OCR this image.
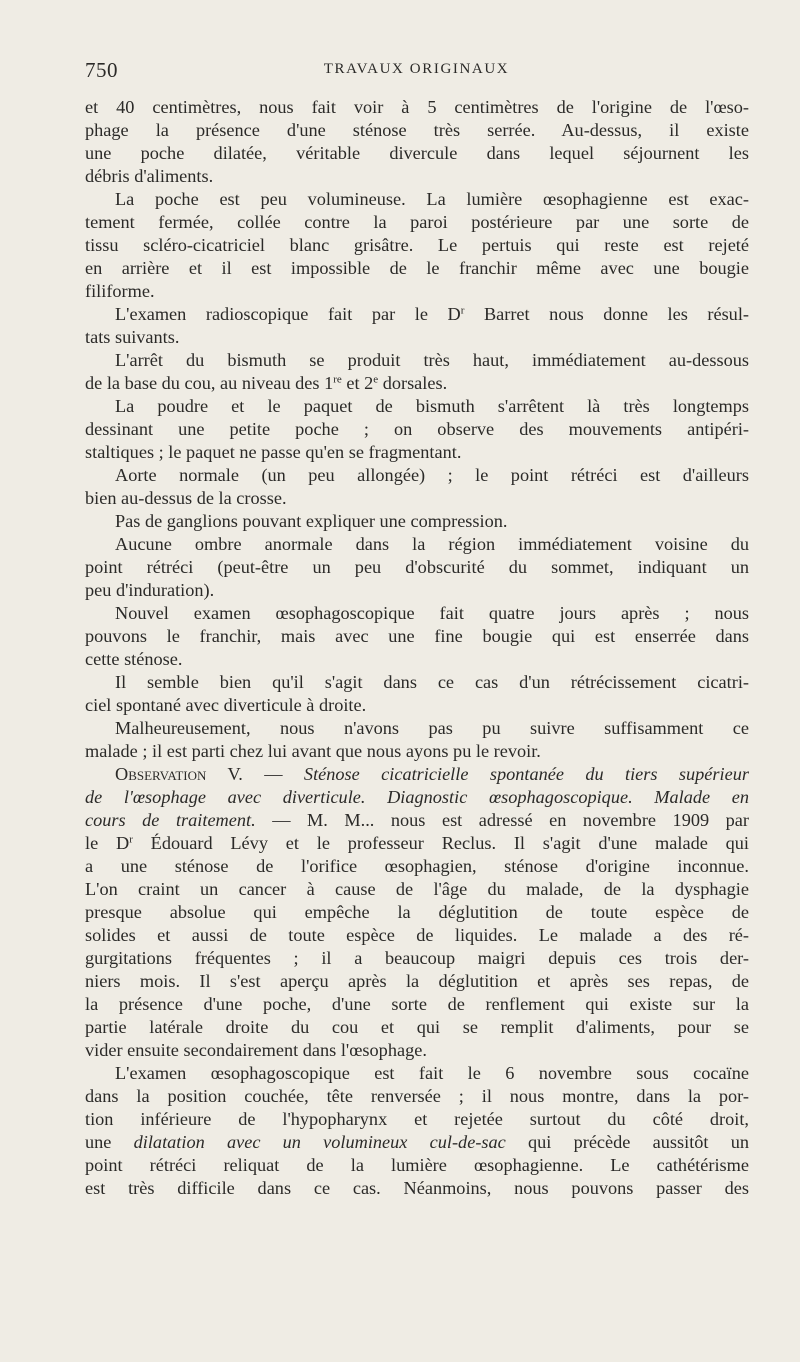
750	TRAVAUX ORIGINAUX
et 40 centimètres, nous fait voir à 5 centimètres de l'origine de l'œso-
phage la présence d'une sténose très serrée. Au-dessus, il existe
une poche dilatée, véritable divercule dans lequel séjournent les
débris d'aliments.
La poche est peu volumineuse. La lumière œsophagienne est exac-
tement fermée, collée contre la paroi postérieure par une sorte de
tissu scléro-cicatriciel blanc grisâtre. Le pertuis qui reste est rejeté
en arrière et il est impossible de le franchir même avec une bougie
filiforme.
L'examen radioscopique fait par le $D^r$ Barret nous donne les résul-
tats suivants.
L'arrêt du bismuth se produit très haut, immédiatement au-dessous
de la base du cou, au niveau des 1re et 2e dorsales.
La poudre et le paquet de bismuth s'arrêtent là très longtemps
dessinant une petite poche ; on observe des mouvements antipéri-
staltiques ; le paquet ne passe qu'en se fragmentant.
Aorte normale (un peu allongée) ; le point rétréci est d'ailleurs
bien au-dessus de la crosse.
Pas de ganglions pouvant expliquer une compression.
Aucune ombre anormale dans la région immédiatement voisine du
point rétréci (peut-être un peu d'obscurité du sommet, indiquant un
peu d'induration).
Nouvel examen œsophagoscopique fait quatre jours après ; nous
pouvons le franchir, mais avec une fine bougie qui est enserrée dans
cette sténose.
Il semble bien qu'il s'agit dans ce cas d'un rétrécissement cicatri-
ciel spontané avec diverticule à droite.
Malheureusement, nous n'avons pas pu suivre suffisamment ce
malade ; il est parti chez lui avant que nous ayons pu le revoir.
Observation V. — Sténose cicatricielle spontanée du tiers supérieur
de l'œsophage avec diverticule. Diagnostic œsophagoscopique. Malade en
cours de traitement. — M. M... nous est adressé en novembre 1909 par
le $D^r$ Édouard Lévy et le professeur Reclus. Il s'agit d'une malade qui
a une sténose de l'orifice œsophagien, sténose d'origine inconnue.
L'on craint un cancer à cause de l'âge du malade, de la dysphagie
presque absolue qui empêche la déglutition de toute espèce de
solides et aussi de toute espèce de liquides. Le malade a des ré-
gurgitations fréquentes ; il a beaucoup maigri depuis ces trois der-
niers mois. Il s'est aperçu après la déglutition et après ses repas, de
la présence d'une poche, d'une sorte de renflement qui existe sur la
partie latérale droite du cou et qui se remplit d'aliments, pour se
vider ensuite secondairement dans l'œsophage.
L'examen œsophagoscopique est fait le 6 novembre sous cocaïne
dans la position couchée, tête renversée ; il nous montre, dans la por-
tion inférieure de l'hypopharynx et rejetée surtout du côté droit,
une dilatation avec un volumineux cul-de-sac qui précède aussitôt un
point rétréci reliquat de la lumière œsophagienne. Le cathétérisme
est très difficile dans ce cas. Néanmoins, nous pouvons passer des
